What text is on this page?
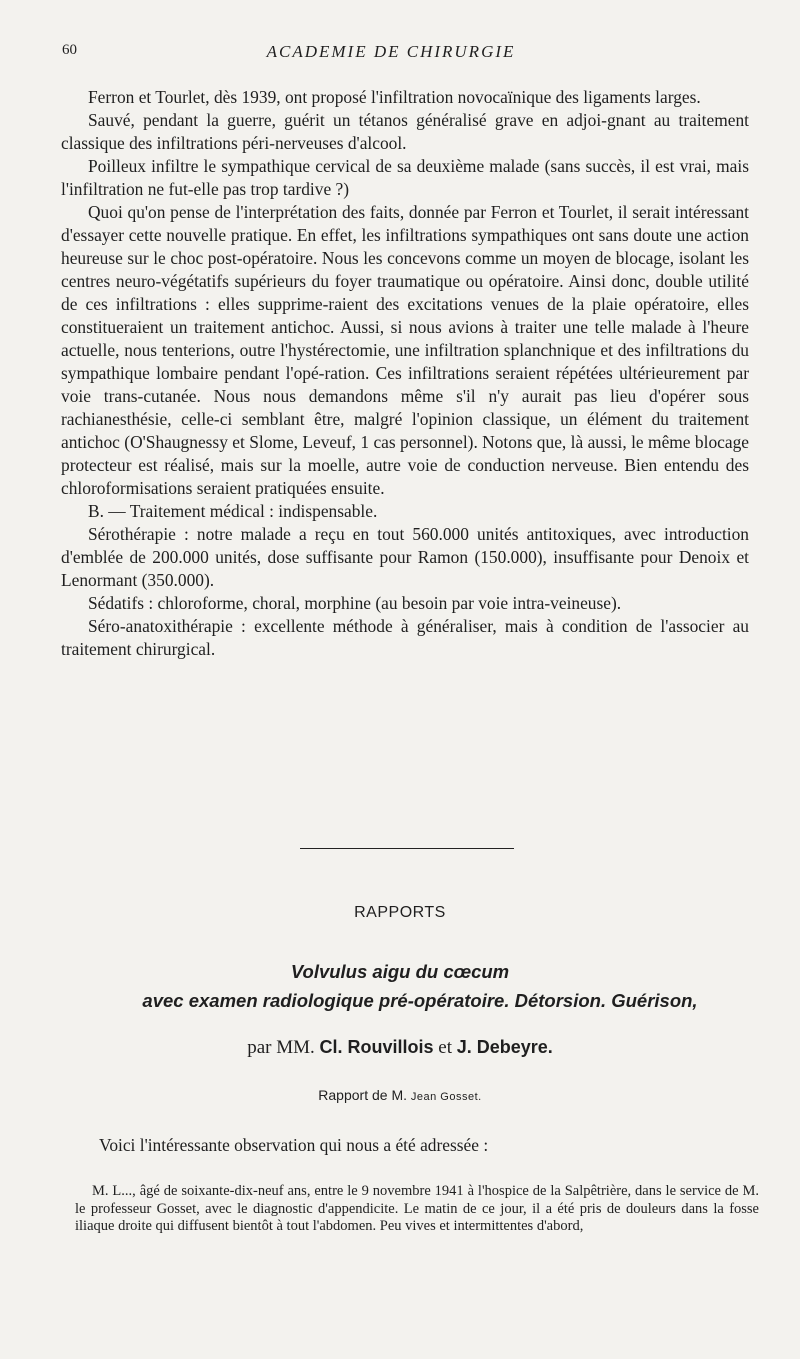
60	ACADEMIE DE CHIRURGIE

Ferron et Tourlet, dès 1939, ont proposé l'infiltration novocaïnique des ligaments larges.

Sauvé, pendant la guerre, guérit un tétanos généralisé grave en adjoi-gnant au traitement classique des infiltrations péri-nerveuses d'alcool.

Poilleux infiltre le sympathique cervical de sa deuxième malade (sans succès, il est vrai, mais l'infiltration ne fut-elle pas trop tardive ?)

Quoi qu'on pense de l'interprétation des faits, donnée par Ferron et Tourlet, il serait intéressant d'essayer cette nouvelle pratique. En effet, les infiltrations sympathiques ont sans doute une action heureuse sur le choc post-opératoire. Nous les concevons comme un moyen de blocage, isolant les centres neuro-végétatifs supérieurs du foyer traumatique ou opératoire. Ainsi donc, double utilité de ces infiltrations : elles supprime-raient des excitations venues de la plaie opératoire, elles constitueraient un traitement antichoc. Aussi, si nous avions à traiter une telle malade à l'heure actuelle, nous tenterions, outre l'hystérectomie, une infiltration splanchnique et des infiltrations du sympathique lombaire pendant l'opé-ration. Ces infiltrations seraient répétées ultérieurement par voie trans-cutanée. Nous nous demandons même s'il n'y aurait pas lieu d'opérer sous rachianesthésie, celle-ci semblant être, malgré l'opinion classique, un élément du traitement antichoc (O'Shaugnessy et Slome, Leveuf, 1 cas personnel). Notons que, là aussi, le même blocage protecteur est réalisé, mais sur la moelle, autre voie de conduction nerveuse. Bien entendu des chloroformisations seraient pratiquées ensuite.

B. — Traitement médical : indispensable.

Sérothérapie : notre malade a reçu en tout 560.000 unités antitoxiques, avec introduction d'emblée de 200.000 unités, dose suffisante pour Ramon (150.000), insuffisante pour Denoix et Lenormant (350.000).

Sédatifs : chloroforme, choral, morphine (au besoin par voie intra-veineuse).

Séro-anatoxithérapie : excellente méthode à généraliser, mais à condition de l'associer au traitement chirurgical.

RAPPORTS
Volvulus aigu du cœcum
avec examen radiologique pré-opératoire. Détorsion. Guérison,
par MM. Cl. Rouvillois et J. Debeyre.
Rapport de M. Jean Gosset.
Voici l'intéressante observation qui nous a été adressée :

M. L..., âgé de soixante-dix-neuf ans, entre le 9 novembre 1941 à l'hospice de la Salpêtrière, dans le service de M. le professeur Gosset, avec le diagnostic d'appendicite. Le matin de ce jour, il a été pris de douleurs dans la fosse iliaque droite qui diffusent bientôt à tout l'abdomen. Peu vives et intermittentes d'abord,
